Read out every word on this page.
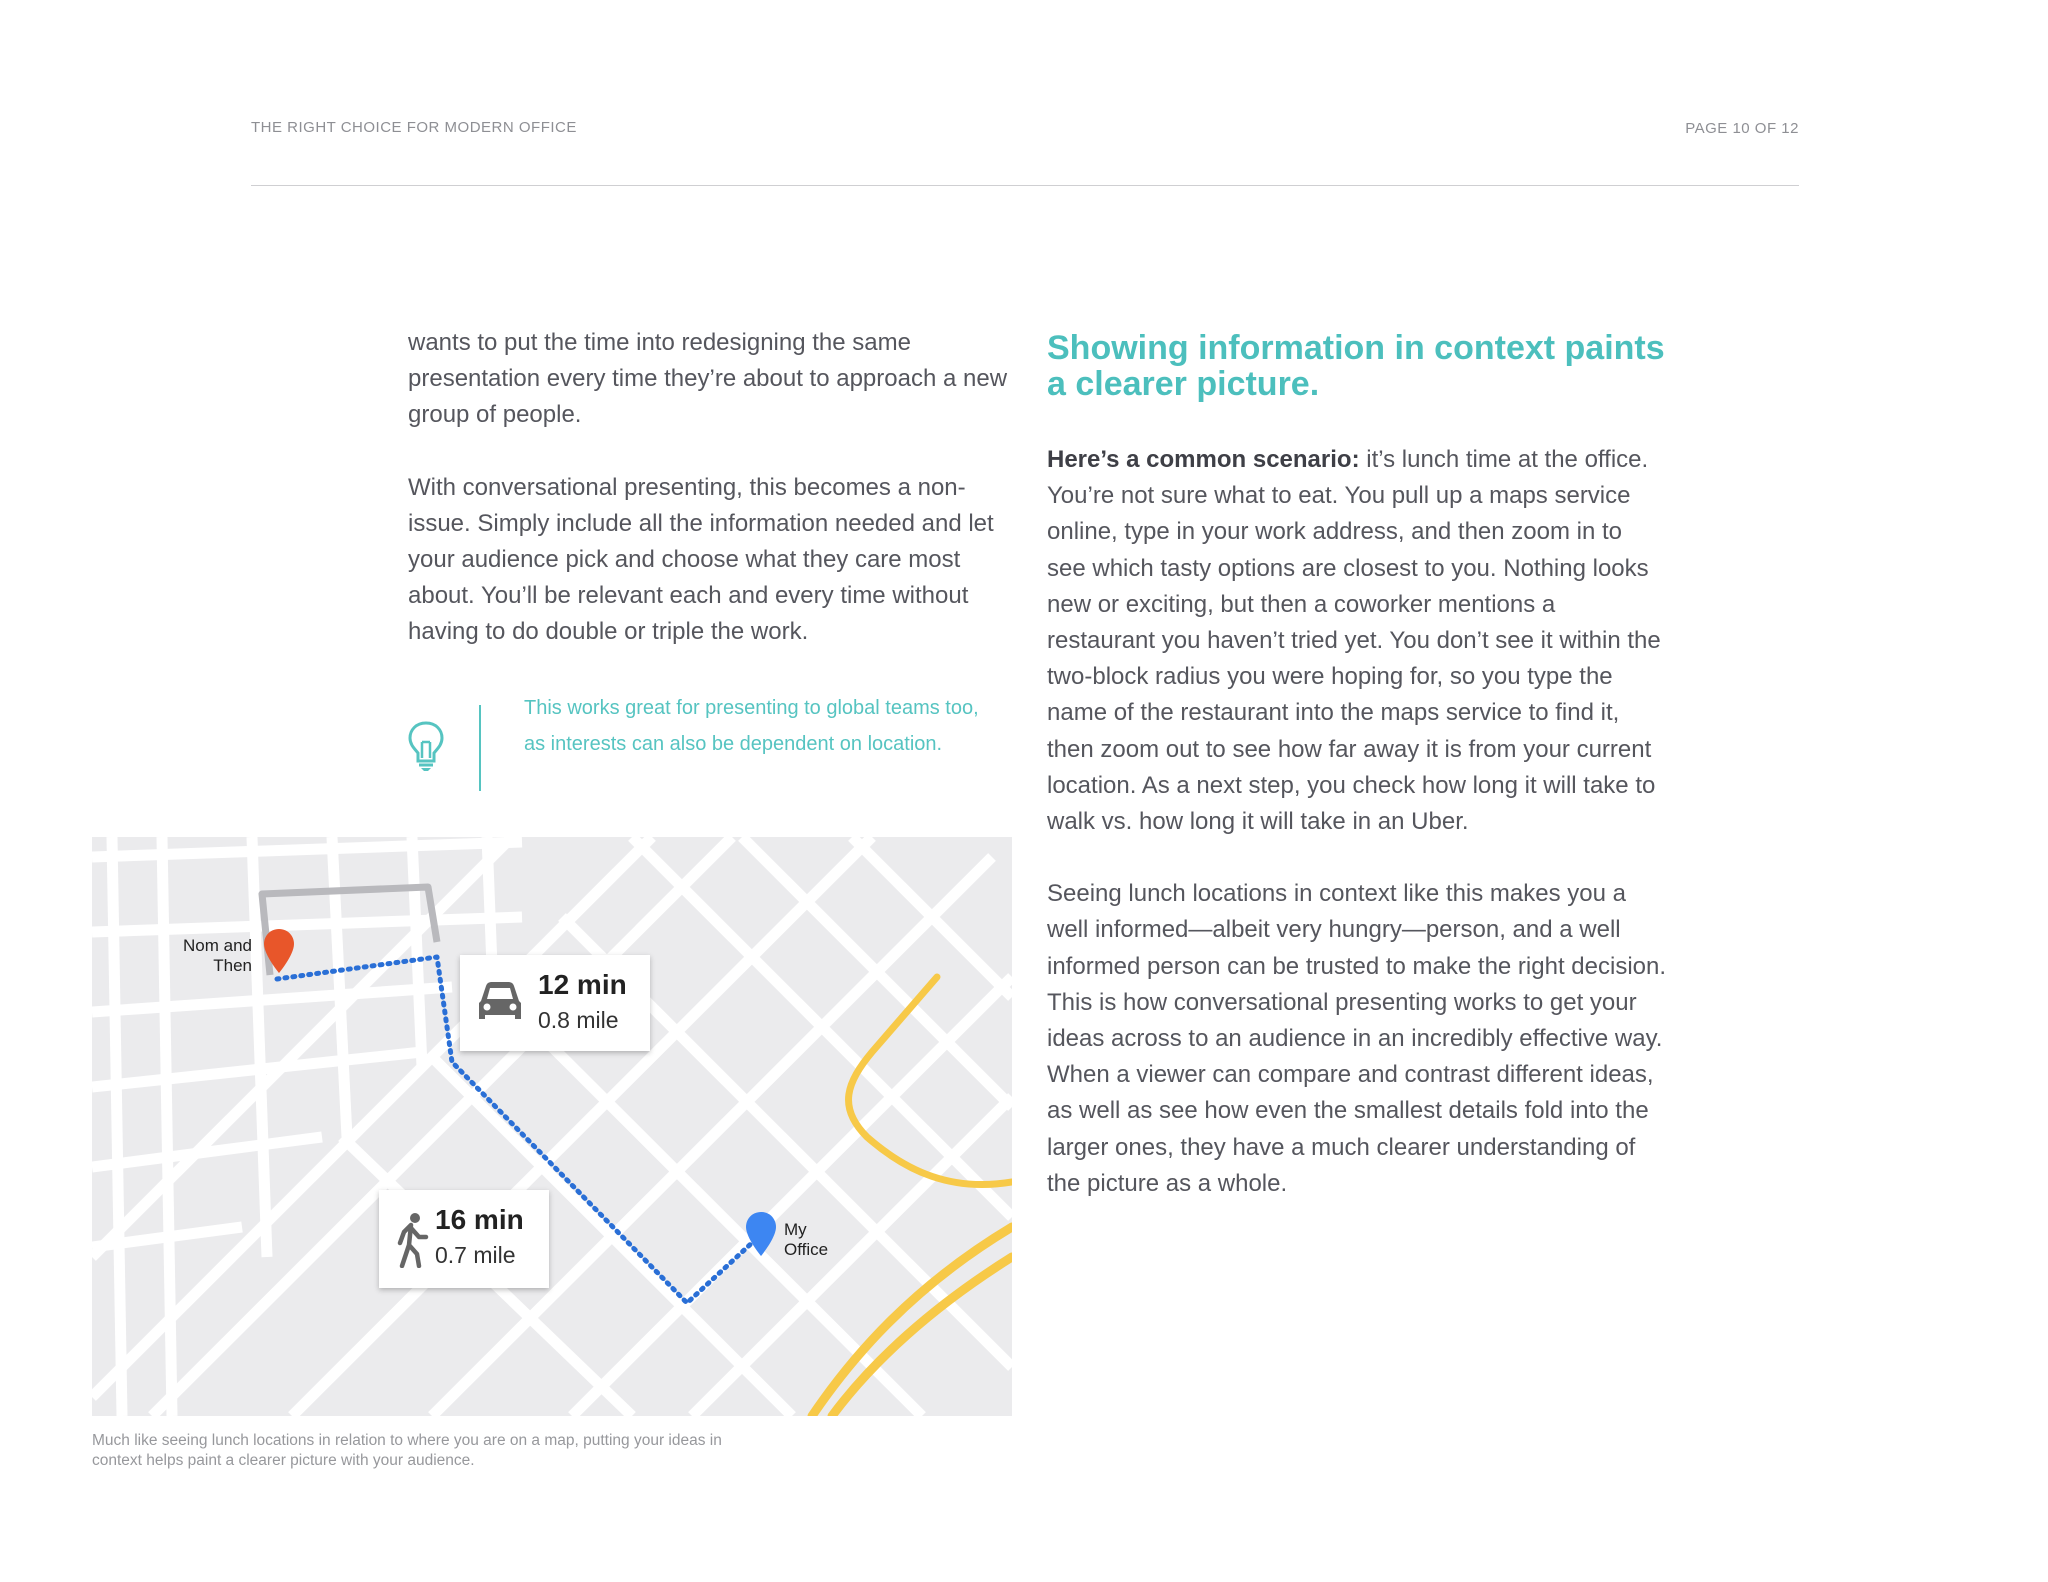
THE RIGHT CHOICE FOR MODERN OFFICE	PAGE 10 OF 12

wants to put the time into redesigning the same presentation every time they’re about to approach a new group of people.

With conversational presenting, this becomes a non-issue. Simply include all the information needed and let your audience pick and choose what they care most about. You’ll be relevant each and every time without having to do double or triple the work.

This works great for presenting to global teams too, as interests can also be dependent on location.
Nom and Then
My Office
12 min
0.8 mile
16 min
0.7 mile
Much like seeing lunch locations in relation to where you are on a map, putting your ideas in context helps paint a clearer picture with your audience.
Showing information in context paints a clearer picture.

Here’s a common scenario: it’s lunch time at the office. You’re not sure what to eat. You pull up a maps service online, type in your work address, and then zoom in to see which tasty options are closest to you. Nothing looks new or exciting, but then a coworker mentions a restaurant you haven’t tried yet. You don’t see it within the two-block radius you were hoping for, so you type the name of the restaurant into the maps service to find it, then zoom out to see how far away it is from your current location. As a next step, you check how long it will take to walk vs. how long it will take in an Uber.

Seeing lunch locations in context like this makes you a well informed—albeit very hungry—person, and a well informed person can be trusted to make the right decision. This is how conversational presenting works to get your ideas across to an audience in an incredibly effective way. When a viewer can compare and contrast different ideas, as well as see how even the smallest details fold into the larger ones, they have a much clearer understanding of the picture as a whole.
